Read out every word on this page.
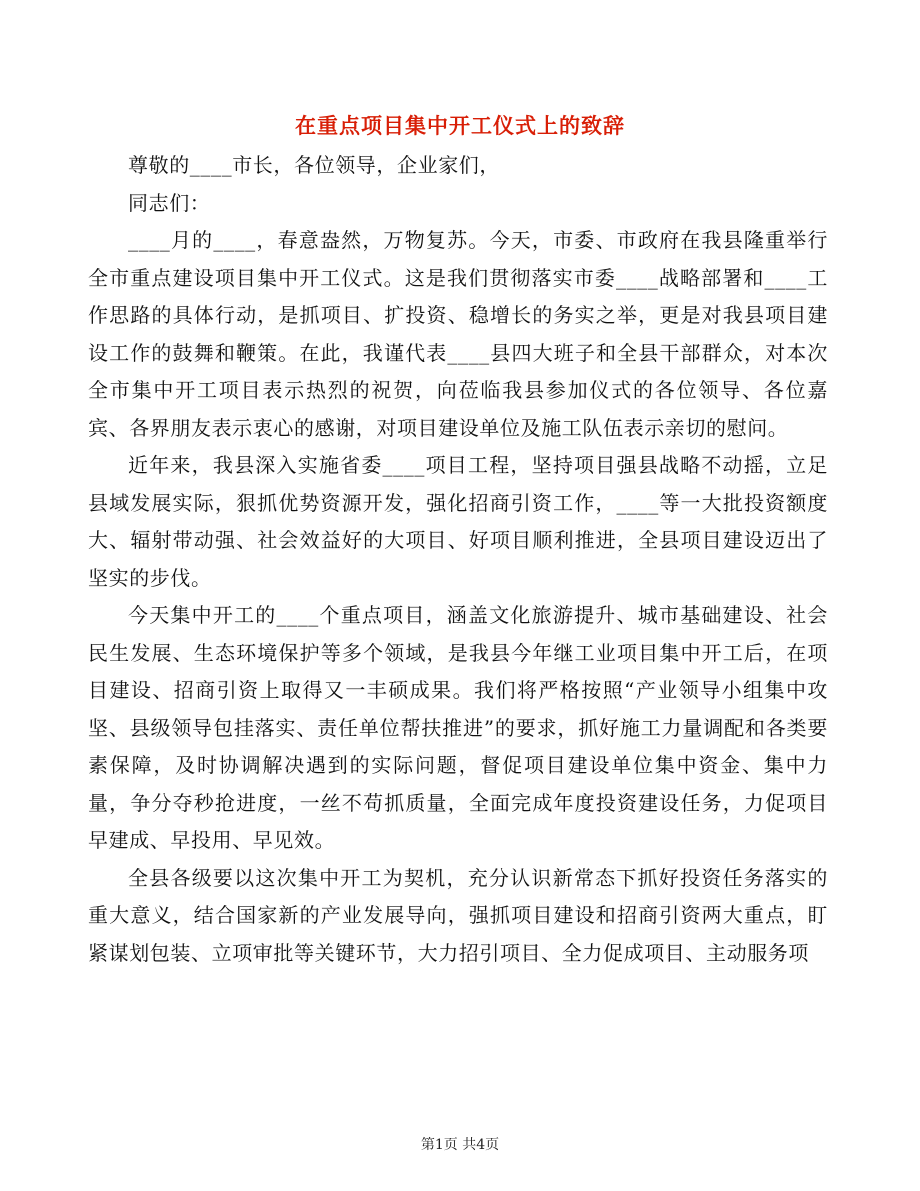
在重点项目集中开工仪式上的致辞

尊敬的____市长，各位领导，企业家们，

同志们：

____月的____，春意盎然，万物复苏。今天，市委、市政府在我县隆重举行全市重点建设项目集中开工仪式。这是我们贯彻落实市委____战略部署和____工作思路的具体行动，是抓项目、扩投资、稳增长的务实之举，更是对我县项目建设工作的鼓舞和鞭策。在此，我谨代表____县四大班子和全县干部群众，对本次全市集中开工项目表示热烈的祝贺，向莅临我县参加仪式的各位领导、各位嘉宾、各界朋友表示衷心的感谢，对项目建设单位及施工队伍表示亲切的慰问。

近年来，我县深入实施省委____项目工程，坚持项目强县战略不动摇，立足县域发展实际，狠抓优势资源开发，强化招商引资工作，____等一大批投资额度大、辐射带动强、社会效益好的大项目、好项目顺利推进，全县项目建设迈出了坚实的步伐。

今天集中开工的____个重点项目，涵盖文化旅游提升、城市基础建设、社会民生发展、生态环境保护等多个领域，是我县今年继工业项目集中开工后，在项目建设、招商引资上取得又一丰硕成果。我们将严格按照“产业领导小组集中攻坚、县级领导包挂落实、责任单位帮扶推进”的要求，抓好施工力量调配和各类要素保障，及时协调解决遇到的实际问题，督促项目建设单位集中资金、集中力量，争分夺秒抢进度，一丝不苟抓质量，全面完成年度投资建设任务，力促项目早建成、早投用、早见效。

全县各级要以这次集中开工为契机，充分认识新常态下抓好投资任务落实的重大意义，结合国家新的产业发展导向，强抓项目建设和招商引资两大重点，盯紧谋划包装、立项审批等关键环节，大力招引项目、全力促成项目、主动服务项

第1页 共4页
